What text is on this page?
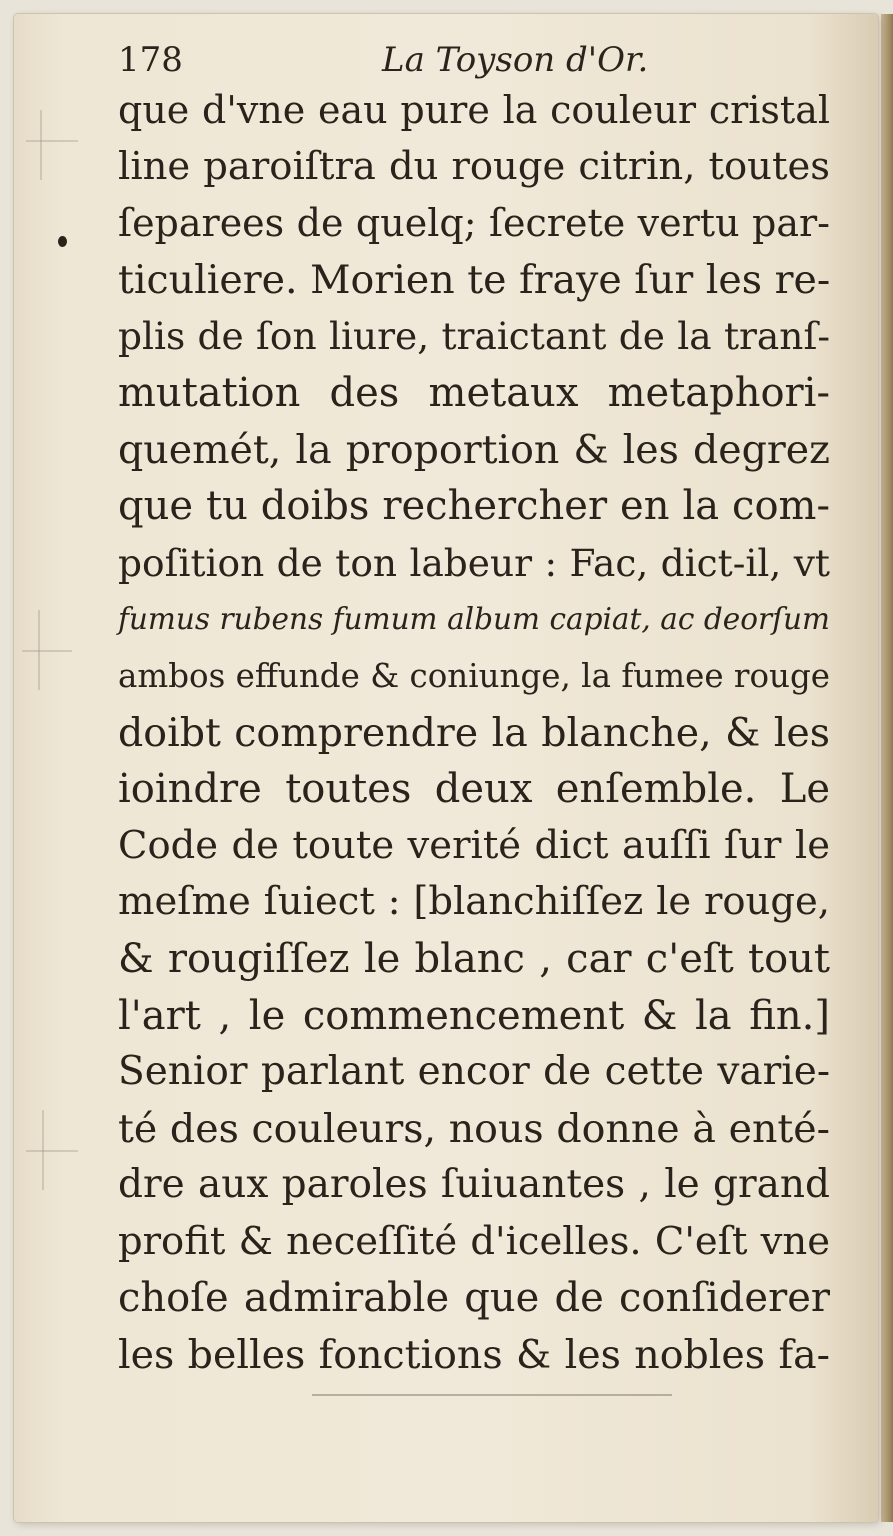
178	La Toyson d'Or.
que d'vne eau pure la couleur cristal
line paroiſtra du rouge citrin, toutes
ſeparees de quelq; ſecrete vertu par-
ticuliere. Morien te fraye ſur les re-
plis de ſon liure, traictant de la tranſ-
mutation des metaux metaphori-
quemét, la proportion & les degrez
que tu doibs rechercher en la com-
poſition de ton labeur : Fac, dict-il, vt
fumus rubens fumum album capiat, ac deorſum
ambos effunde & coniunge, la fumee rouge
doibt comprendre la blanche, & les
ioindre toutes deux enſemble. Le
Code de toute verité dict auſſi ſur le
meſme ſuiect : [blanchiſſez le rouge,
& rougiſſez le blanc , car c'eſt tout
l'art , le commencement & la fin.]
Senior parlant encor de cette varie-
té des couleurs, nous donne à enté-
dre aux paroles ſuiuantes , le grand
profit & neceſſité d'icelles. C'eſt vne
choſe admirable que de conſiderer
les belles fonctions & les nobles fa-
